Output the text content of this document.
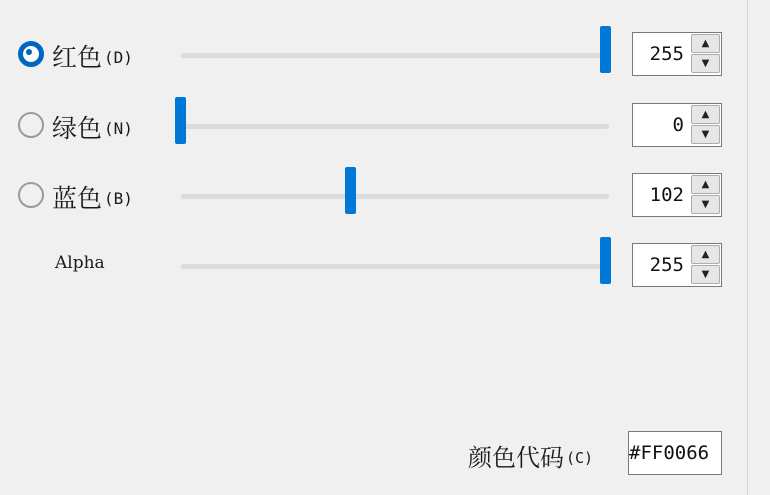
红色 (D)	255	▲
▼
绿色 (N)	0	▲
▼
蓝色 (B)	102	▲
▼
Alpha	255	▲
▼
颜色代码 (C) #FF0066
